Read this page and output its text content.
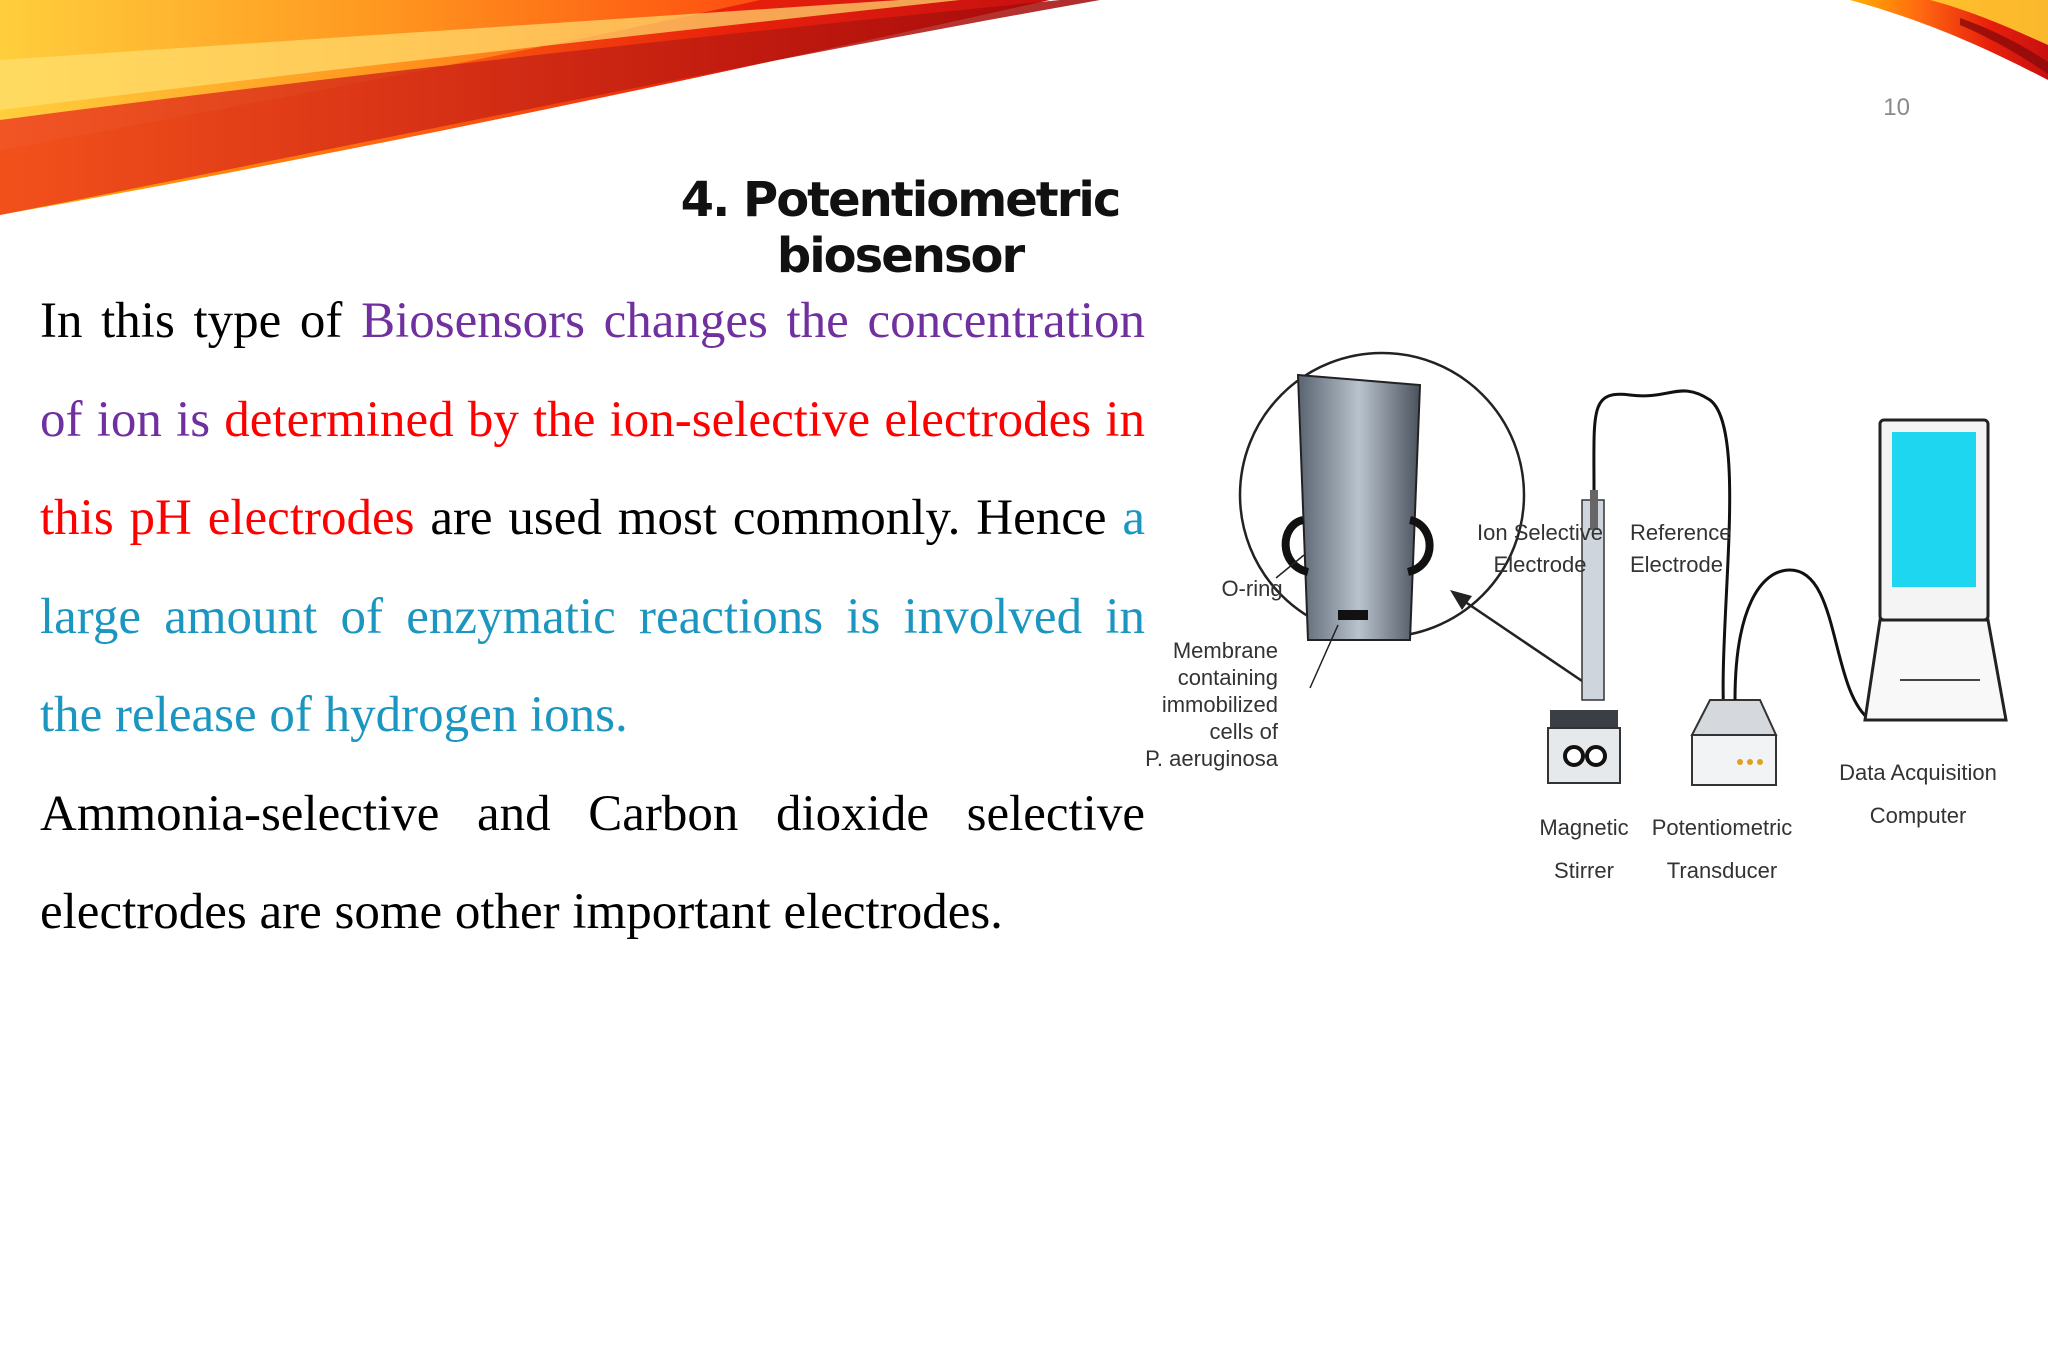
10
4. Potentiometric biosensor

In this type of Biosensors changes the concentration of ion is determined by the ion-selective electrodes in this pH electrodes are used most commonly. Hence a large amount of enzymatic reactions is involved in the release of hydrogen ions.

Ammonia-selective and Carbon dioxide selective electrodes are some other important electrodes.

O-ring
Membrane
containing
immobilized
cells of
P. aeruginosa
Ion Selective
Electrode
Reference
Electrode
Magnetic
Stirrer
Potentiometric
Transducer
Data Acquisition
Computer
